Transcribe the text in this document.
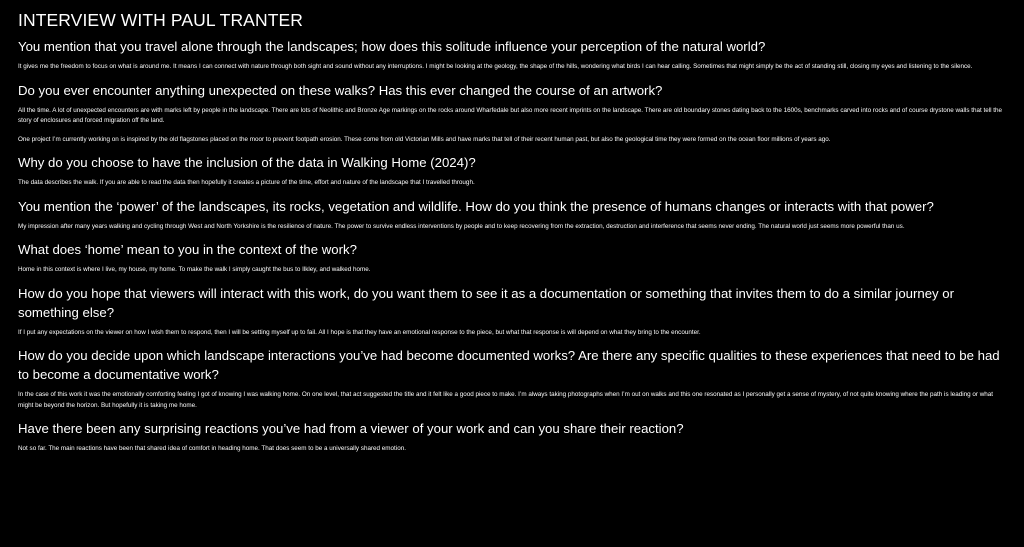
INTERVIEW WITH PAUL TRANTER
You mention that you travel alone through the landscapes; how does this solitude influence your perception of the natural world?

It gives me the freedom to focus on what is around me. It means I can connect with nature through both sight and sound without any interruptions. I might be looking at the geology, the shape of the hills, wondering what birds I can hear calling. Sometimes that might simply be the act of standing still, closing my eyes and listening to the silence.

Do you ever encounter anything unexpected on these walks? Has this ever changed the course of an artwork?

All the time. A lot of unexpected encounters are with marks left by people in the landscape. There are lots of Neolithic and Bronze Age markings on the rocks around Wharfedale but also more recent imprints on the landscape. There are old boundary stones dating back to the 1600s, benchmarks carved into rocks and of course drystone walls that tell the story of enclosures and forced migration off the land.

One project I’m currently working on is inspired by the old flagstones placed on the moor to prevent footpath erosion. These come from old Victorian Mills and have marks that tell of their recent human past, but also the geological time they were formed on the ocean floor millions of years ago.

Why do you choose to have the inclusion of the data in Walking Home (2024)?

The data describes the walk. If you are able to read the data then hopefully it creates a picture of the time, effort and nature of the landscape that I travelled through.

You mention the ‘power’ of the landscapes, its rocks, vegetation and wildlife. How do you think the presence of humans changes or interacts with that power?

My impression after many years walking and cycling through West and North Yorkshire is the resilience of nature. The power to survive endless interventions by people and to keep recovering from the extraction, destruction and interference that seems never ending. The natural world just seems more powerful than us.

What does ‘home’ mean to you in the context of the work?

Home in this context is where I live, my house, my home. To make the walk I simply caught the bus to Ilkley, and walked home.

How do you hope that viewers will interact with this work, do you want them to see it as a documentation or something that invites them to do a similar journey or something else?

If I put any expectations on the viewer on how I wish them to respond, then I will be setting myself up to fail. All I hope is that they have an emotional response to the piece, but what that response is will depend on what they bring to the encounter.

How do you decide upon which landscape interactions you’ve had become documented works? Are there any specific qualities to these experiences that need to be had to become a documentative work?

In the case of this work it was the emotionally comforting feeling I got of knowing I was walking home. On one level, that act suggested the title and it felt like a good piece to make. I’m always taking photographs when I’m out on walks and this one resonated as I personally get a sense of mystery, of not quite knowing where the path is leading or what might be beyond the horizon. But hopefully it is taking me home.

Have there been any surprising reactions you’ve had from a viewer of your work and can you share their reaction?

Not so far. The main reactions have been that shared idea of comfort in heading home. That does seem to be a universally shared emotion.
